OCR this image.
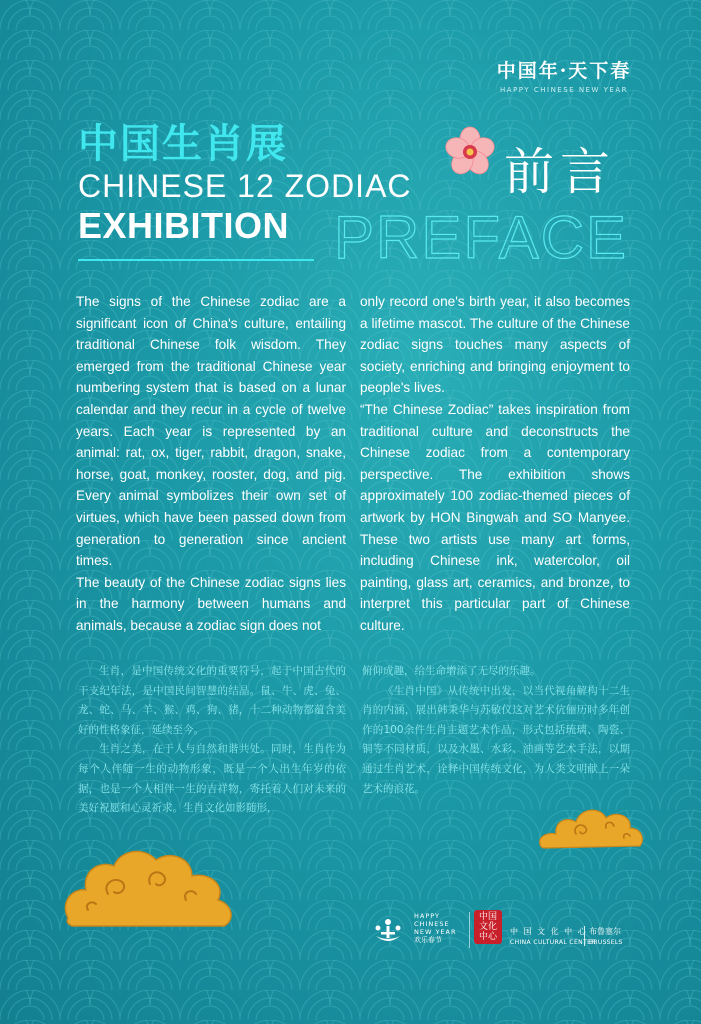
中国年·天下春
HAPPY CHINESE NEW YEAR
中国生肖展
CHINESE 12 ZODIAC
EXHIBITION
前言
PREFACE

The signs of the Chinese zodiac are a significant icon of China's culture, entailing traditional Chinese folk wisdom. They emerged from the traditional Chinese year numbering system that is based on a lunar calendar and they recur in a cycle of twelve years. Each year is represented by an animal: rat, ox, tiger, rabbit, dragon, snake, horse, goat, monkey, rooster, dog, and pig. Every animal symbolizes their own set of virtues, which have been passed down from generation to generation since ancient times.

The beauty of the Chinese zodiac signs lies in the harmony between humans and animals, because a zodiac sign does not

only record one's birth year, it also becomes a lifetime mascot. The culture of the Chinese zodiac signs touches many aspects of society, enriching and bringing enjoyment to people's lives.

“The Chinese Zodiac” takes inspiration from traditional culture and deconstructs the Chinese zodiac from a contemporary perspective. The exhibition shows approximately 100 zodiac-themed pieces of artwork by HON Bingwah and SO Manyee. These two artists use many art forms, including Chinese ink, watercolor, oil painting, glass art, ceramics, and bronze, to interpret this particular part of Chinese culture.

生肖，是中国传统文化的重要符号，起于中国古代的干支纪年法，是中国民间智慧的结晶。鼠、牛、虎、兔、龙、蛇、马、羊、猴、鸡、狗、猪，十二种动物都蕴含美好的性格象征，延续至今。

生肖之美，在于人与自然和谐共处。同时，生肖作为每个人伴随一生的动物形象，既是一个人出生年岁的依据，也是一个人相伴一生的吉祥物，寄托着人们对未来的美好祝愿和心灵祈求。生肖文化如影随形，

俯仰成趣，给生命增添了无尽的乐趣。

《生肖中国》从传统中出发，以当代视角解构十二生肖的内涵，展出韩秉华与苏敏仪这对艺术伉俪历时多年创作的100余件生肖主题艺术作品，形式包括琉璃、陶瓷、铜等不同材质，以及水墨、水彩、油画等艺术手法，以期通过生肖艺术，诠释中国传统文化，为人类文明献上一朵艺术的浪花。

HAPPY
CHINESE
NEW YEAR
欢乐春节
中国文化中心
中 国 文 化 中 心
CHINA CULTURAL CENTER
布鲁塞尔
BRUSSELS
